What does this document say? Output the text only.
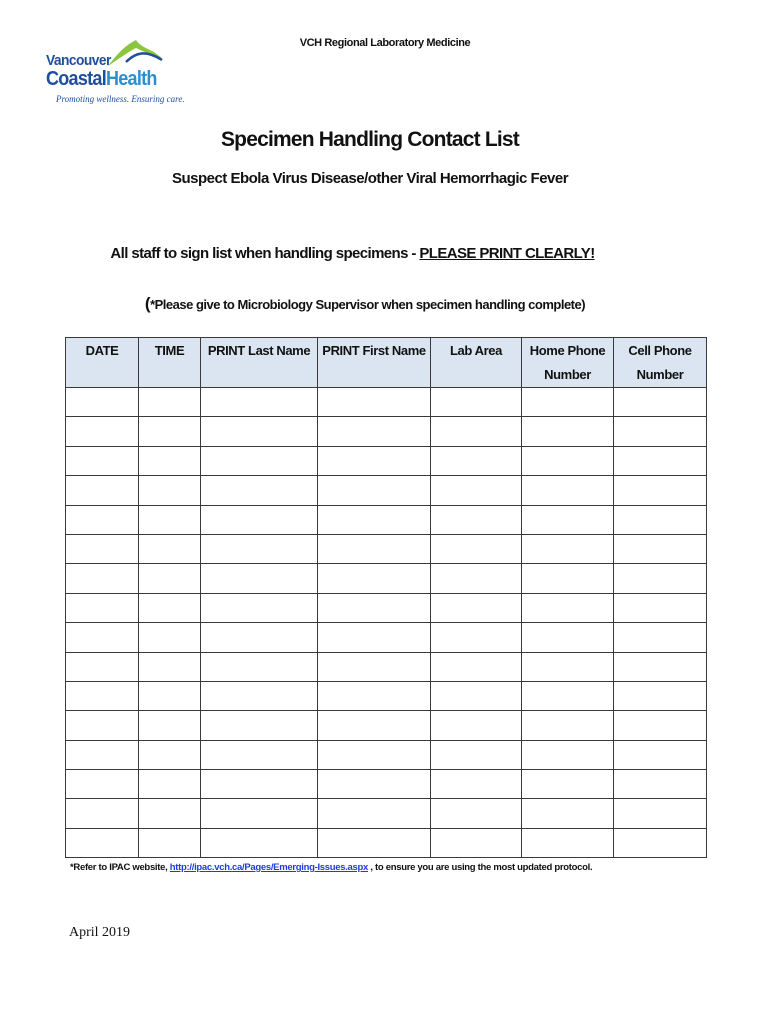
VCH Regional Laboratory Medicine
Vancouver
CoastalHealth
Promoting wellness. Ensuring care.
Specimen Handling Contact List
Suspect Ebola Virus Disease/other Viral Hemorrhagic Fever
All staff to sign list when handling specimens - PLEASE PRINT CLEARLY!
(*Please give to Microbiology Supervisor when specimen handling complete)
DATE	TIME	PRINT Last Name	PRINT First Name	Lab Area	Home Phone Number	Cell Phone Number

*Refer to IPAC website, http://ipac.vch.ca/Pages/Emerging-Issues.aspx , to ensure you are using the most updated protocol.
April 2019
